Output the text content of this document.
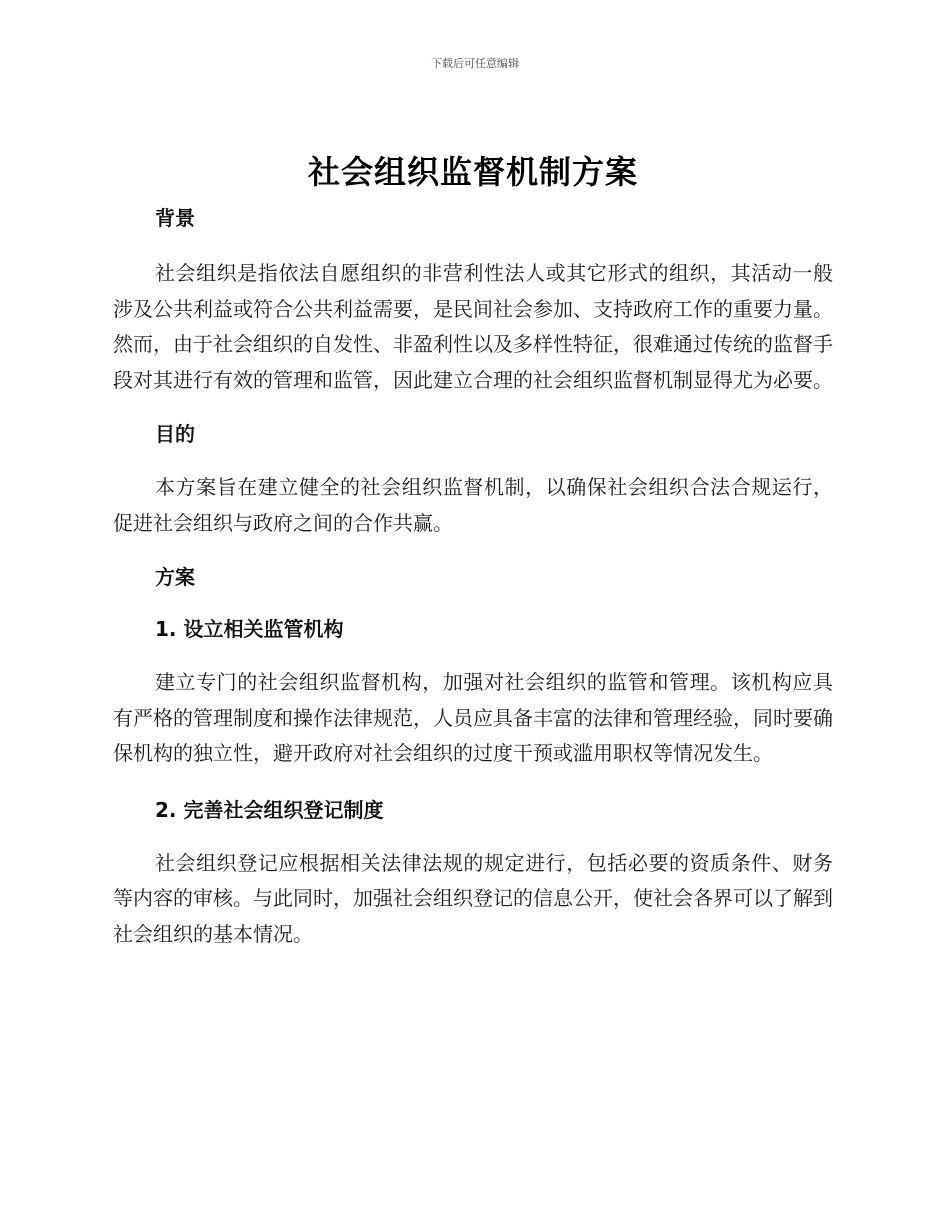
下载后可任意编辑
社会组织监督机制方案
背景

社会组织是指依法自愿组织的非营利性法人或其它形式的组织，其活动一般涉及公共利益或符合公共利益需要，是民间社会参加、支持政府工作的重要力量。然而，由于社会组织的自发性、非盈利性以及多样性特征，很难通过传统的监督手段对其进行有效的管理和监管，因此建立合理的社会组织监督机制显得尤为必要。

目的

本方案旨在建立健全的社会组织监督机制，以确保社会组织合法合规运行，促进社会组织与政府之间的合作共赢。

方案
1. 设立相关监管机构

建立专门的社会组织监督机构，加强对社会组织的监管和管理。该机构应具有严格的管理制度和操作法律规范，人员应具备丰富的法律和管理经验，同时要确保机构的独立性，避开政府对社会组织的过度干预或滥用职权等情况发生。

2. 完善社会组织登记制度

社会组织登记应根据相关法律法规的规定进行，包括必要的资质条件、财务等内容的审核。与此同时，加强社会组织登记的信息公开，使社会各界可以了解到社会组织的基本情况。
